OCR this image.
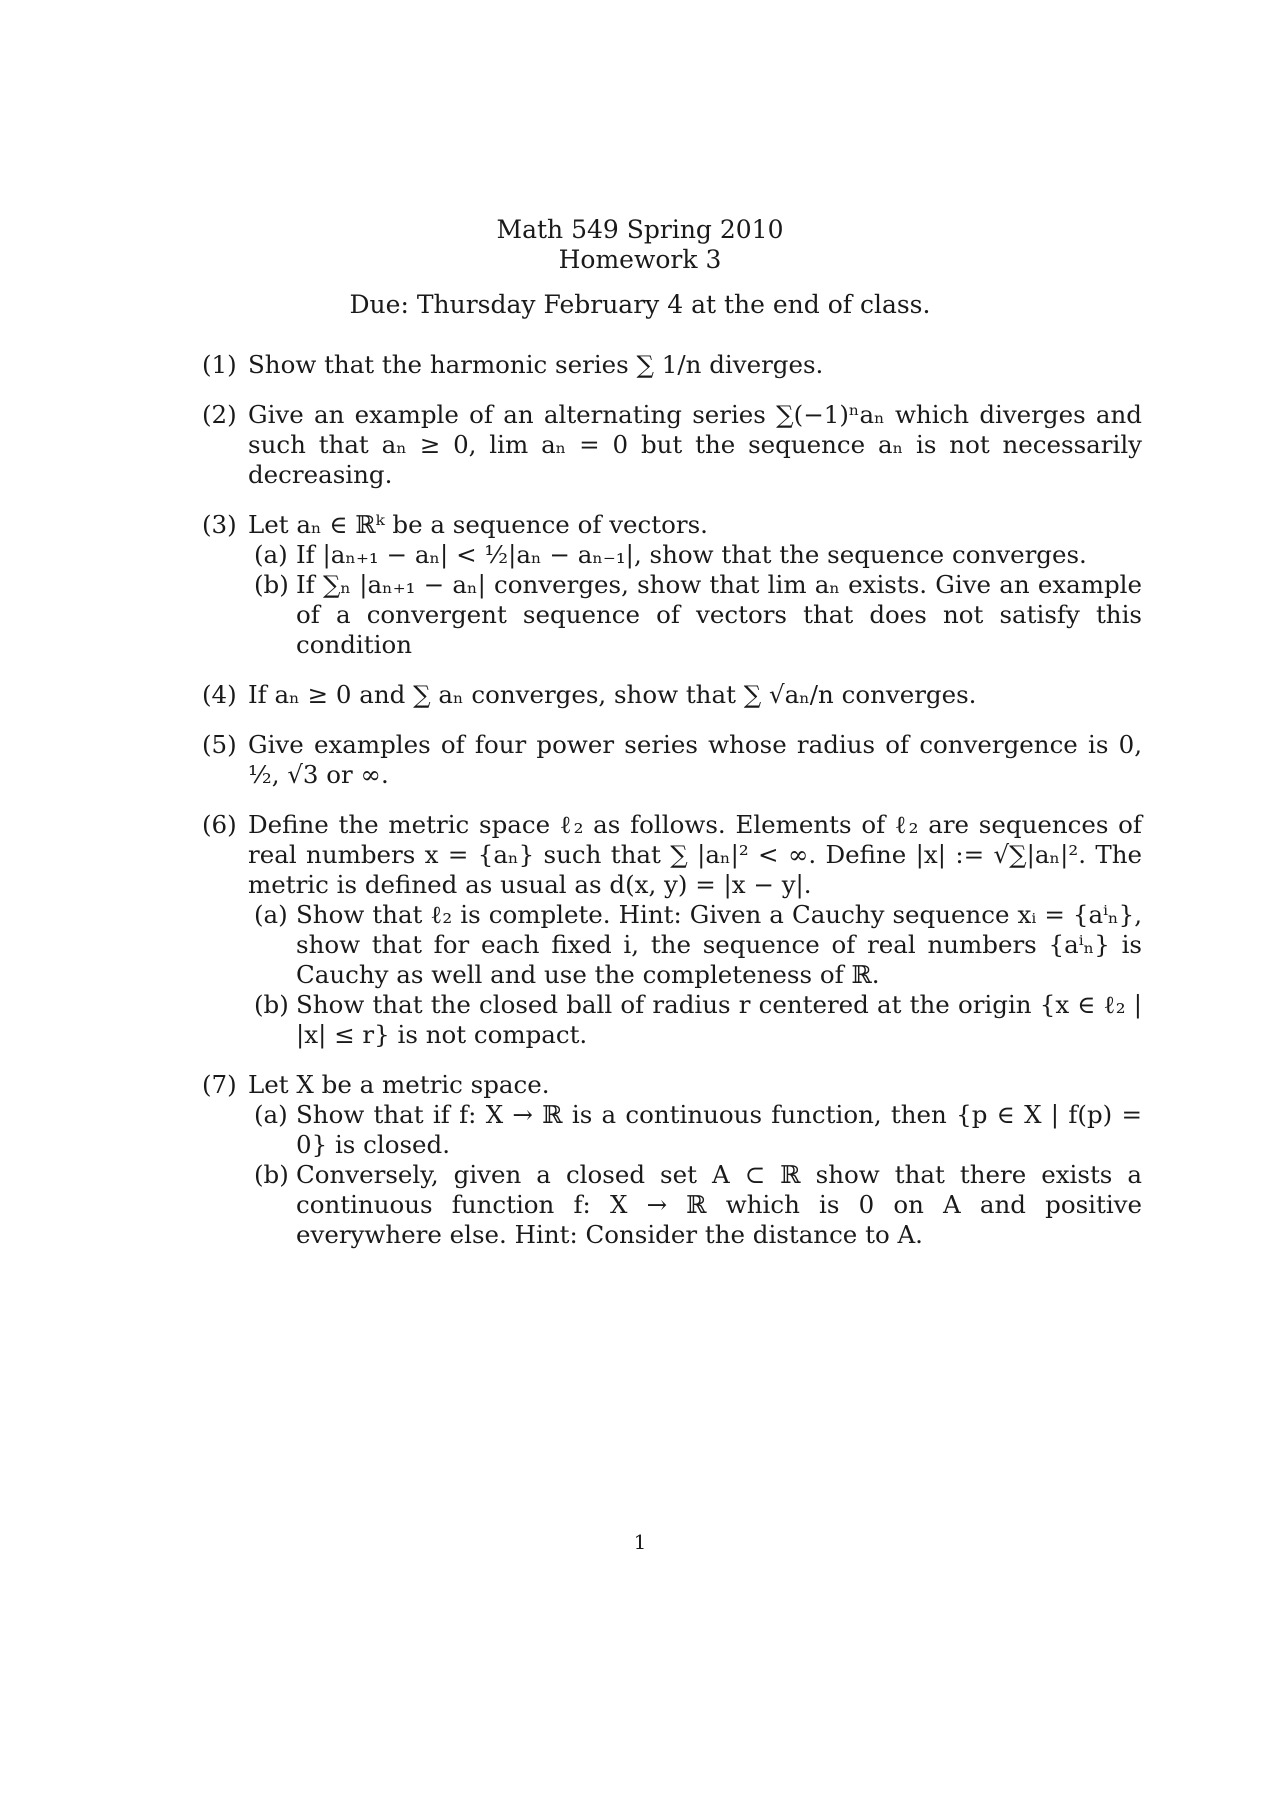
Math 549 Spring 2010
Homework 3
Due: Thursday February 4 at the end of class.
(1) Show that the harmonic series ∑ 1/n diverges.
(2) Give an example of an alternating series ∑(−1)ⁿaₙ which diverges and such that aₙ ≥ 0, lim aₙ = 0 but the sequence aₙ is not necessarily decreasing.
(3) Let aₙ ∈ ℝᵏ be a sequence of vectors.
(a) If |aₙ₊₁ − aₙ| < ½|aₙ − aₙ₋₁|, show that the sequence converges.
(b) If ∑ₙ |aₙ₊₁ − aₙ| converges, show that lim aₙ exists. Give an example of a convergent sequence of vectors that does not satisfy this condition
(4) If aₙ ≥ 0 and ∑ aₙ converges, show that ∑ √aₙ/n converges.
(5) Give examples of four power series whose radius of convergence is 0, ½, √3 or ∞.
(6) Define the metric space ℓ₂ as follows. Elements of ℓ₂ are sequences of real numbers x = {aₙ} such that ∑ |aₙ|² < ∞. Define |x| := √∑|aₙ|². The metric is defined as usual as d(x, y) = |x − y|.
(a) Show that ℓ₂ is complete. Hint: Given a Cauchy sequence xᵢ = {aⁱₙ}, show that for each fixed i, the sequence of real numbers {aⁱₙ} is Cauchy as well and use the completeness of ℝ.
(b) Show that the closed ball of radius r centered at the origin {x ∈ ℓ₂ | |x| ≤ r} is not compact.
(7) Let X be a metric space.
(a) Show that if f: X → ℝ is a continuous function, then {p ∈ X | f(p) = 0} is closed.
(b) Conversely, given a closed set A ⊂ ℝ show that there exists a continuous function f: X → ℝ which is 0 on A and positive everywhere else. Hint: Consider the distance to A.
1
